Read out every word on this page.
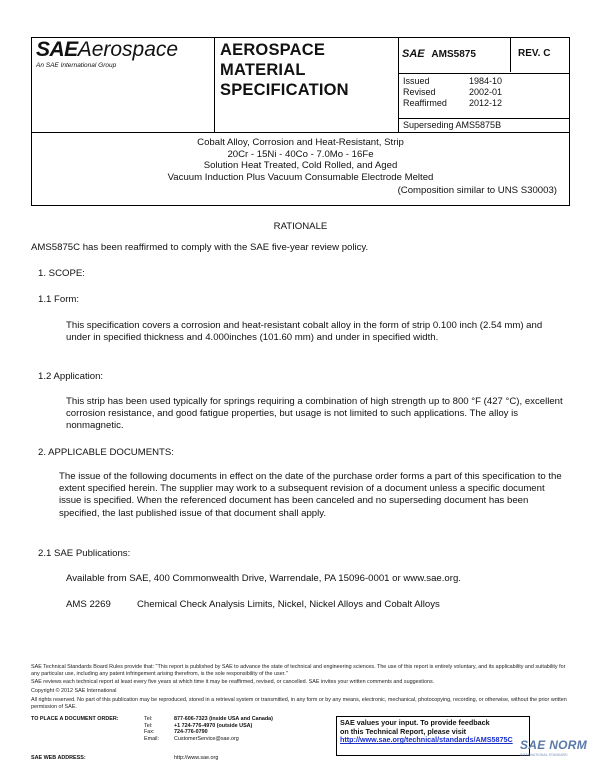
SAEAerospace
An SAE International Group
AEROSPACE
MATERIAL
SPECIFICATION
SAE AMS5875	REV. C
Issued	1984-10
Revised	2002-01
Reaffirmed 2012-12
Superseding AMS5875B
Cobalt Alloy, Corrosion and Heat-Resistant, Strip
20Cr - 15Ni - 40Co - 7.0Mo - 16Fe
Solution Heat Treated, Cold Rolled, and Aged
Vacuum Induction Plus Vacuum Consumable Electrode Melted
(Composition similar to UNS S30003)
RATIONALE
AMS5875C has been reaffirmed to comply with the SAE five-year review policy.
1. SCOPE:
1.1 Form:
This specification covers a corrosion and heat-resistant cobalt alloy in the form of strip 0.100 inch (2.54 mm) and under in specified thickness and 4.000inches (101.60 mm) and under in specified width.
1.2 Application:
This strip has been used typically for springs requiring a combination of high strength up to 800 °F (427 °C), excellent corrosion resistance, and good fatigue properties, but usage is not limited to such applications. The alloy is nonmagnetic.
2. APPLICABLE DOCUMENTS:
The issue of the following documents in effect on the date of the purchase order forms a part of this specification to the extent specified herein. The supplier may work to a subsequent revision of a document unless a specific document issue is specified. When the referenced document has been canceled and no superseding document has been specified, the last published issue of that document shall apply.
2.1 SAE Publications:
Available from SAE, 400 Commonwealth Drive, Warrendale, PA 15096-0001 or www.sae.org.
AMS 2269	Chemical Check Analysis Limits, Nickel, Nickel Alloys and Cobalt Alloys
SAE Technical Standards Board Rules provide that: "This report is published by SAE to advance the state of technical and engineering sciences. The use of this report is entirely voluntary, and its applicability and suitability for any particular use, including any patent infringement arising therefrom, is the sole responsibility of the user."
SAE reviews each technical report at least every five years at which time it may be reaffirmed, revised, or cancelled. SAE invites your written comments and suggestions.
Copyright © 2012 SAE International
All rights reserved. No part of this publication may be reproduced, stored in a retrieval system or transmitted, in any form or by any means, electronic, mechanical, photocopying, recording, or otherwise, without the prior written permission of SAE.
TO PLACE A DOCUMENT ORDER:	Tel:	877-606-7323 (inside USA and Canada)
	Tel:	+1 724-776-4970 (outside USA)
	Fax:	724-776-0790
	Email:	CustomerService@sae.org
SAE WEB ADDRESS:	http://www.sae.org
SAE values your input. To provide feedback
on this Technical Report, please visit
http://www.sae.org/technical/standards/AMS5875C SAE NORM
INTERNATIONAL STANDARD
